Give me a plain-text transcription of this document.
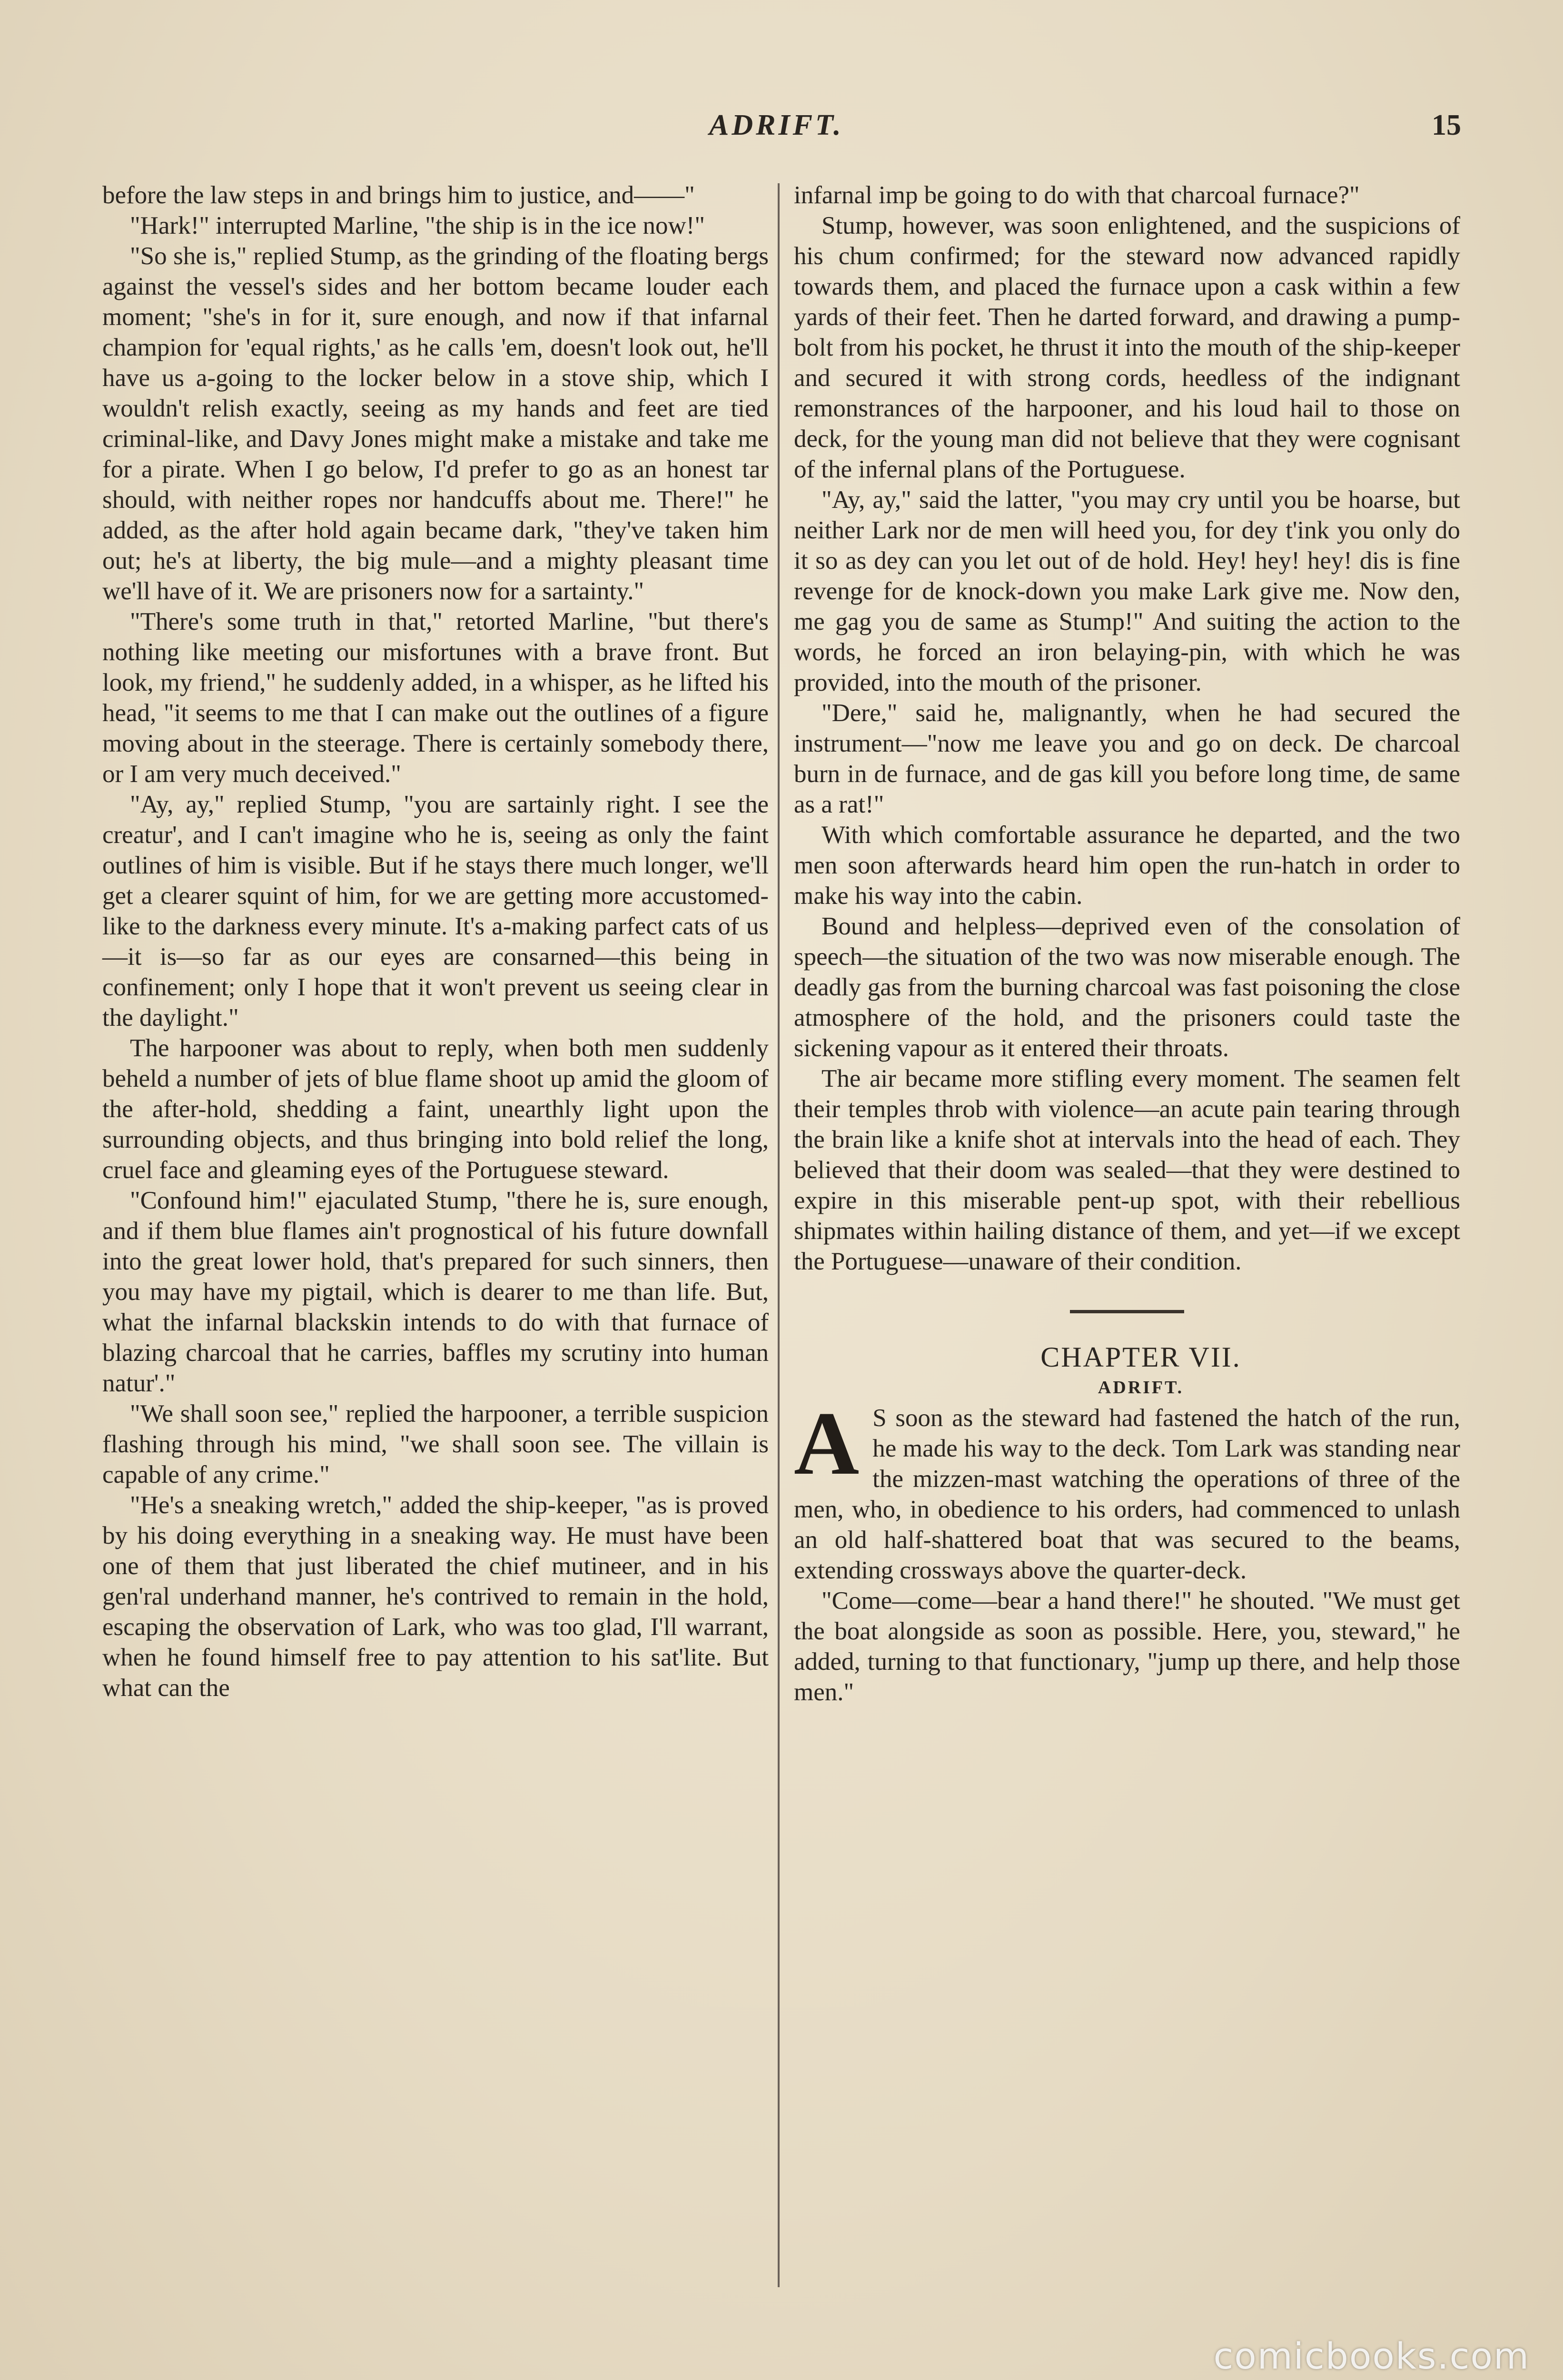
ADRIFT.	15

before the law steps in and brings him to justice, and——"

"Hark!" interrupted Marline, "the ship is in the ice now!"

"So she is," replied Stump, as the grinding of the floating bergs against the vessel's sides and her bottom became louder each moment; "she's in for it, sure enough, and now if that infarnal champion for 'equal rights,' as he calls 'em, doesn't look out, he'll have us a-going to the locker below in a stove ship, which I wouldn't relish exactly, seeing as my hands and feet are tied criminal-like, and Davy Jones might make a mistake and take me for a pirate. When I go below, I'd prefer to go as an honest tar should, with neither ropes nor handcuffs about me. There!" he added, as the after hold again became dark, "they've taken him out; he's at liberty, the big mule—and a mighty pleasant time we'll have of it. We are prisoners now for a sartainty."

"There's some truth in that," retorted Marline, "but there's nothing like meeting our misfortunes with a brave front. But look, my friend," he suddenly added, in a whisper, as he lifted his head, "it seems to me that I can make out the outlines of a figure moving about in the steerage. There is certainly somebody there, or I am very much deceived."

"Ay, ay," replied Stump, "you are sartainly right. I see the creatur', and I can't imagine who he is, seeing as only the faint outlines of him is visible. But if he stays there much longer, we'll get a clearer squint of him, for we are getting more accustomed-like to the darkness every minute. It's a-making parfect cats of us—it is—so far as our eyes are consarned—this being in confinement; only I hope that it won't prevent us seeing clear in the daylight."

The harpooner was about to reply, when both men suddenly beheld a number of jets of blue flame shoot up amid the gloom of the after-hold, shedding a faint, unearthly light upon the surrounding objects, and thus bringing into bold relief the long, cruel face and gleaming eyes of the Portuguese steward.

"Confound him!" ejaculated Stump, "there he is, sure enough, and if them blue flames ain't prognostical of his future downfall into the great lower hold, that's prepared for such sinners, then you may have my pigtail, which is dearer to me than life. But, what the infarnal blackskin intends to do with that furnace of blazing charcoal that he carries, baffles my scrutiny into human natur'."

"We shall soon see," replied the harpooner, a terrible suspicion flashing through his mind, "we shall soon see. The villain is capable of any crime."

"He's a sneaking wretch," added the ship-keeper, "as is proved by his doing everything in a sneaking way. He must have been one of them that just liberated the chief mutineer, and in his gen'ral underhand manner, he's contrived to remain in the hold, escaping the observation of Lark, who was too glad, I'll warrant, when he found himself free to pay attention to his sat'lite. But what can the

infarnal imp be going to do with that charcoal furnace?"

Stump, however, was soon enlightened, and the suspicions of his chum confirmed; for the steward now advanced rapidly towards them, and placed the furnace upon a cask within a few yards of their feet. Then he darted forward, and drawing a pump-bolt from his pocket, he thrust it into the mouth of the ship-keeper and secured it with strong cords, heedless of the indignant remonstrances of the harpooner, and his loud hail to those on deck, for the young man did not believe that they were cognisant of the infernal plans of the Portuguese.

"Ay, ay," said the latter, "you may cry until you be hoarse, but neither Lark nor de men will heed you, for dey t'ink you only do it so as dey can you let out of de hold. Hey! hey! hey! dis is fine revenge for de knock-down you make Lark give me. Now den, me gag you de same as Stump!" And suiting the action to the words, he forced an iron belaying-pin, with which he was provided, into the mouth of the prisoner.

"Dere," said he, malignantly, when he had secured the instrument—"now me leave you and go on deck. De charcoal burn in de furnace, and de gas kill you before long time, de same as a rat!"

With which comfortable assurance he departed, and the two men soon afterwards heard him open the run-hatch in order to make his way into the cabin.

Bound and helpless—deprived even of the consolation of speech—the situation of the two was now miserable enough. The deadly gas from the burning charcoal was fast poisoning the close atmosphere of the hold, and the prisoners could taste the sickening vapour as it entered their throats.

The air became more stifling every moment. The seamen felt their temples throb with violence—an acute pain tearing through the brain like a knife shot at intervals into the head of each. They believed that their doom was sealed—that they were destined to expire in this miserable pent-up spot, with their rebellious shipmates within hailing distance of them, and yet—if we except the Portuguese—unaware of their condition.

CHAPTER VII.

ADRIFT.

A S soon as the steward had fastened the hatch of the run, he made his way to the deck. Tom Lark was standing near the mizzen-mast watching the operations of three of the men, who, in obedience to his orders, had commenced to unlash an old half-shattered boat that was secured to the beams, extending crossways above the quarter-deck.

"Come—come—bear a hand there!" he shouted. "We must get the boat alongside as soon as possible. Here, you, steward," he added, turning to that functionary, "jump up there, and help those men."

comicbooks.com
